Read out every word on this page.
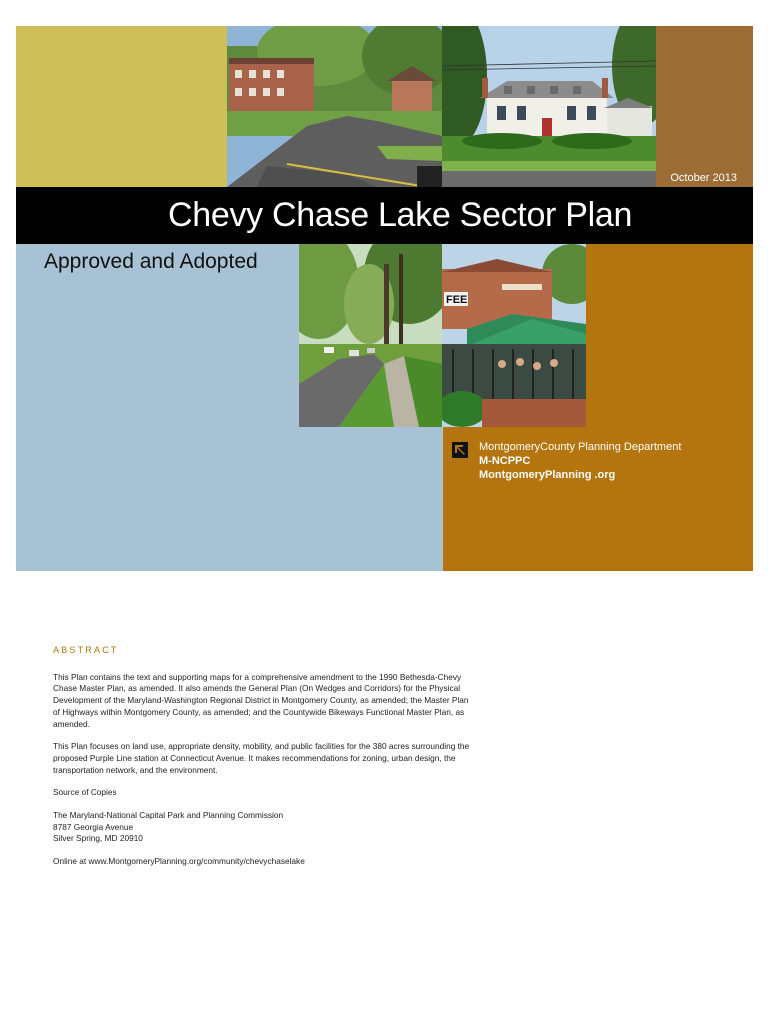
Chevy Chase Lake Sector Plan
October 2013
Approved and Adopted
FEE
MontgomeryCounty Planning Department
M-NCPPC
MontgomeryPlanning .org
ABSTRACT

This Plan contains the text and supporting maps for a comprehensive amendment to the 1990 Bethesda-Chevy Chase Master Plan, as amended. It also amends the General Plan (On Wedges and Corridors) for the Physical Development of the Maryland-Washington Regional District in Montgomery County, as amended; the Master Plan of Highways within Montgomery County, as amended; and the Countywide Bikeways Functional Master Plan, as amended.

This Plan focuses on land use, appropriate density, mobility, and public facilities for the 380 acres surrounding the proposed Purple Line station at Connecticut Avenue. It makes recommendations for zoning, urban design, the transportation network, and the environment.

Source of Copies

The Maryland-National Capital Park and Planning Commission

8787 Georgia Avenue

Silver Spring, MD 20910

Online at www.MontgomeryPlanning.org/community/chevychaselake
